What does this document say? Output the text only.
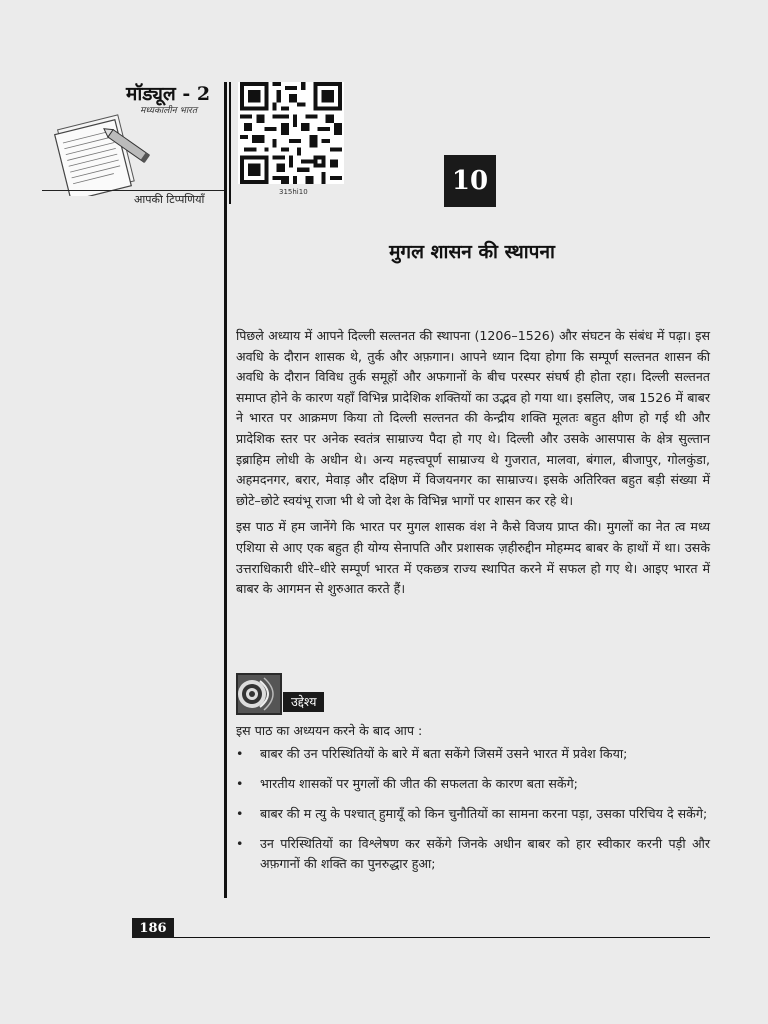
मॉड्यूल - 2
मध्यकालीन भारत
आपकी टिप्पणियाँ
315hi10	10
मुगल शासन की स्थापना

पिछले अध्याय में आपने दिल्ली सल्तनत की स्थापना (1206–1526) और संघटन के संबंध में पढ़ा। इस अवधि के दौरान शासक थे, तुर्क और अफ़गान। आपने ध्यान दिया होगा कि सम्पूर्ण सल्तनत शासन की अवधि के दौरान विविध तुर्क समूहों और अफगानों के बीच परस्पर संघर्ष ही होता रहा। दिल्ली सल्तनत समाप्त होने के कारण यहाँ विभिन्न प्रादेशिक शक्तियों का उद्भव हो गया था। इसलिए, जब 1526 में बाबर ने भारत पर आक्रमण किया तो दिल्ली सल्तनत की केन्द्रीय शक्ति मूलतः बहुत क्षीण हो गई थी और प्रादेशिक स्तर पर अनेक स्वतंत्र साम्राज्य पैदा हो गए थे। दिल्ली और उसके आसपास के क्षेत्र सुल्तान इब्राहिम लोधी के अधीन थे। अन्य महत्त्वपूर्ण साम्राज्य थे गुजरात, मालवा, बंगाल, बीजापुर, गोलकुंडा, अहमदनगर, बरार, मेवाड़ और दक्षिण में विजयनगर का साम्राज्य। इसके अतिरिक्त बहुत बड़ी संख्या में छोटे–छोटे स्वयंभू राजा भी थे जो देश के विभिन्न भागों पर शासन कर रहे थे।

इस पाठ में हम जानेंगे कि भारत पर मुगल शासक वंश ने कैसे विजय प्राप्त की। मुगलों का नेत त्व मध्य एशिया से आए एक बहुत ही योग्य सेनापति और प्रशासक ज़हीरुद्दीन मोहम्मद बाबर के हाथों में था। उसके उत्तराधिकारी धीरे–धीरे सम्पूर्ण भारत में एकछत्र राज्य स्थापित करने में सफल हो गए थे। आइए भारत में बाबर के आगमन से शुरुआत करते हैं।

उद्देश्य
इस पाठ का अध्ययन करने के बाद आप :
• बाबर की उन परिस्थितियों के बारे में बता सकेंगे जिसमें उसने भारत में प्रवेश किया;
• भारतीय शासकों पर मुगलों की जीत की सफलता के कारण बता सकेंगे;
• बाबर की म त्यु के पश्चात् हुमायूँ को किन चुनौतियों का सामना करना पड़ा, उसका परिचिय दे सकेंगे;
• उन परिस्थितियों का विश्लेषण कर सकेंगे जिनके अधीन बाबर को हार स्वीकार करनी पड़ी और अफ़गानों की शक्ति का पुनरुद्धार हुआ;
186
